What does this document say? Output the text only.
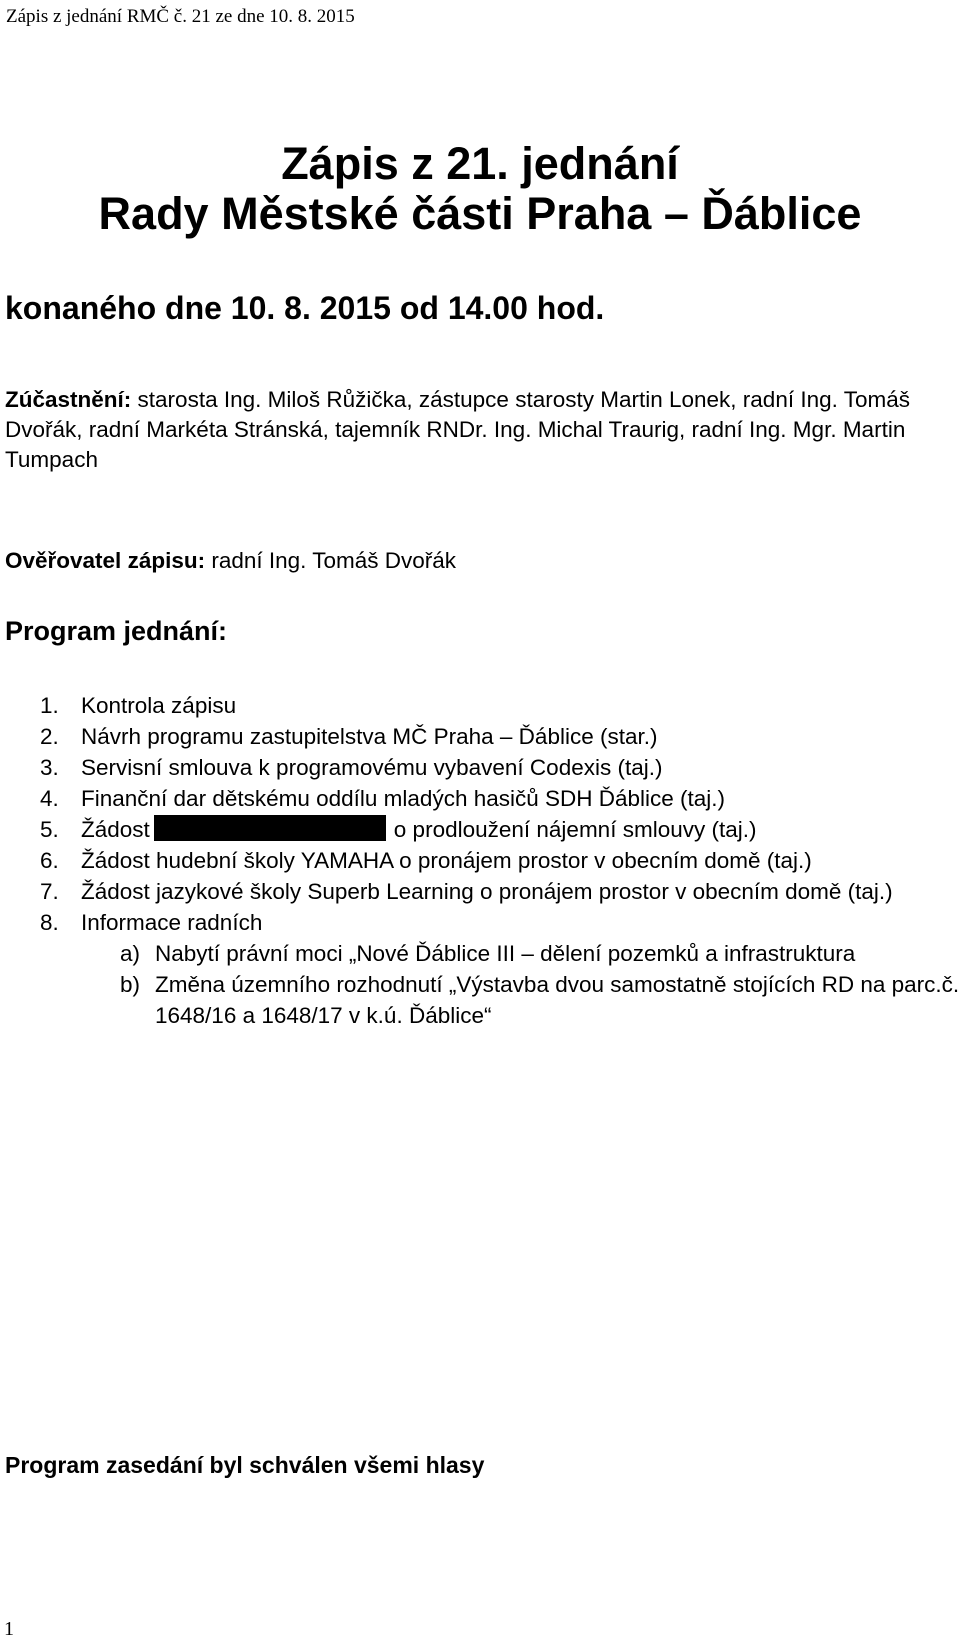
Zápis z jednání RMČ č. 21 ze dne 10. 8. 2015
Zápis z 21. jednání
Rady Městské části Praha – Ďáblice
konaného dne 10. 8. 2015 od 14.00 hod.
Zúčastnění: starosta Ing. Miloš Růžička, zástupce starosty Martin Lonek, radní Ing. Tomáš Dvořák, radní Markéta Stránská, tajemník RNDr. Ing. Michal Traurig, radní Ing. Mgr. Martin Tumpach
Ověřovatel zápisu: radní Ing. Tomáš Dvořák
Program jednání:
1. Kontrola zápisu
2. Návrh programu zastupitelstva MČ Praha – Ďáblice (star.)
3. Servisní smlouva k programovému vybavení Codexis (taj.)
4. Finanční dar dětskému oddílu mladých hasičů SDH Ďáblice (taj.)
5. Žádost	o prodloužení nájemní smlouvy (taj.)
6. Žádost hudební školy YAMAHA o pronájem prostor v obecním domě (taj.)
7. Žádost jazykové školy Superb Learning o pronájem prostor v obecním domě (taj.)
8. Informace radních
a) Nabytí právní moci „Nové Ďáblice III – dělení pozemků a infrastruktura
b) Změna územního rozhodnutí „Výstavba dvou samostatně stojících RD na parc.č. 1648/16 a 1648/17 v k.ú. Ďáblice“
Program zasedání byl schválen všemi hlasy
1
